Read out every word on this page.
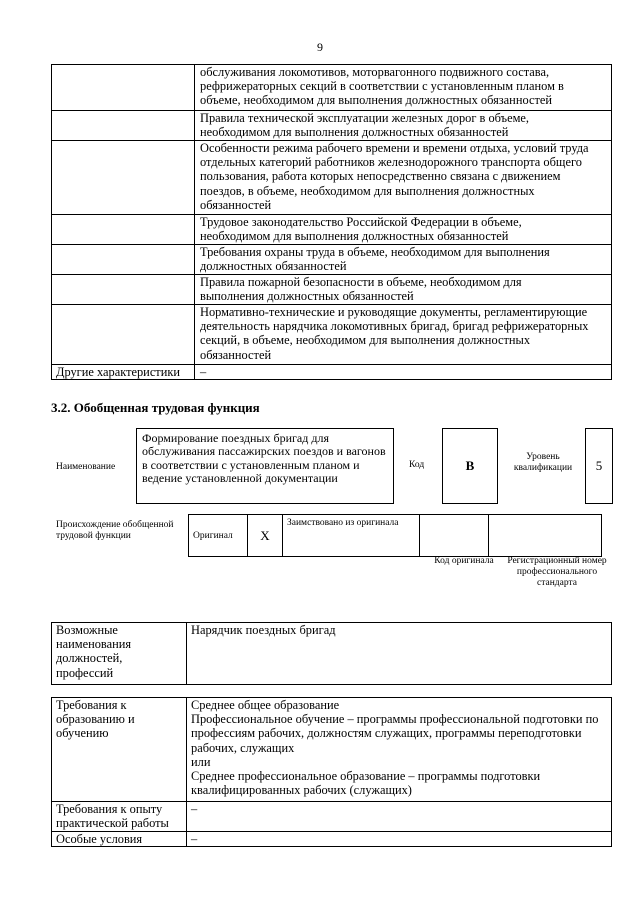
9

	обслуживания локомотивов, моторвагонного подвижного состава,
рефрижераторных секций в соответствии с установленным планом в
объеме, необходимом для выполнения должностных обязанностей

	Правила технической эксплуатации железных дорог в объеме,
необходимом для выполнения должностных обязанностей

	Особенности режима рабочего времени и времени отдыха, условий труда
отдельных категорий работников железнодорожного транспорта общего
пользования, работа которых непосредственно связана с движением
поездов, в объеме, необходимом для выполнения должностных
обязанностей

	Трудовое законодательство Российской Федерации в объеме,
необходимом для выполнения должностных обязанностей

	Требования охраны труда в объеме, необходимом для выполнения
должностных обязанностей

	Правила пожарной безопасности в объеме, необходимом для
выполнения должностных обязанностей

	Нормативно-технические и руководящие документы, регламентирующие
деятельность нарядчика локомотивных бригад, бригад рефрижераторных
секций, в объеме, необходимом для выполнения должностных
обязанностей

Другие характеристики	–
3.2. Обобщенная трудовая функция
Наименование
Формирование поездных бригад для обслуживания пассажирских поездов и вагонов в соответствии с установленным планом и ведение установленной документации
Код	B
Уровень квалификации	5
Происхождение обобщенной трудовой функции	Оригинал	X	Заимствовано из оригинала		
Код оригинала	Регистрационный номер профессионального стандарта
Возможные наименования должностей, профессий	Нарядчик поездных бригад
Требования к образованию и обучению	Среднее общее образование
Профессиональное обучение – программы профессиональной подготовки по профессиям рабочих, должностям служащих, программы переподготовки рабочих, служащих
или
Среднее профессиональное образование – программы подготовки квалифицированных рабочих (служащих)

Требования к опыту практической работы	–
Особые условия	–
